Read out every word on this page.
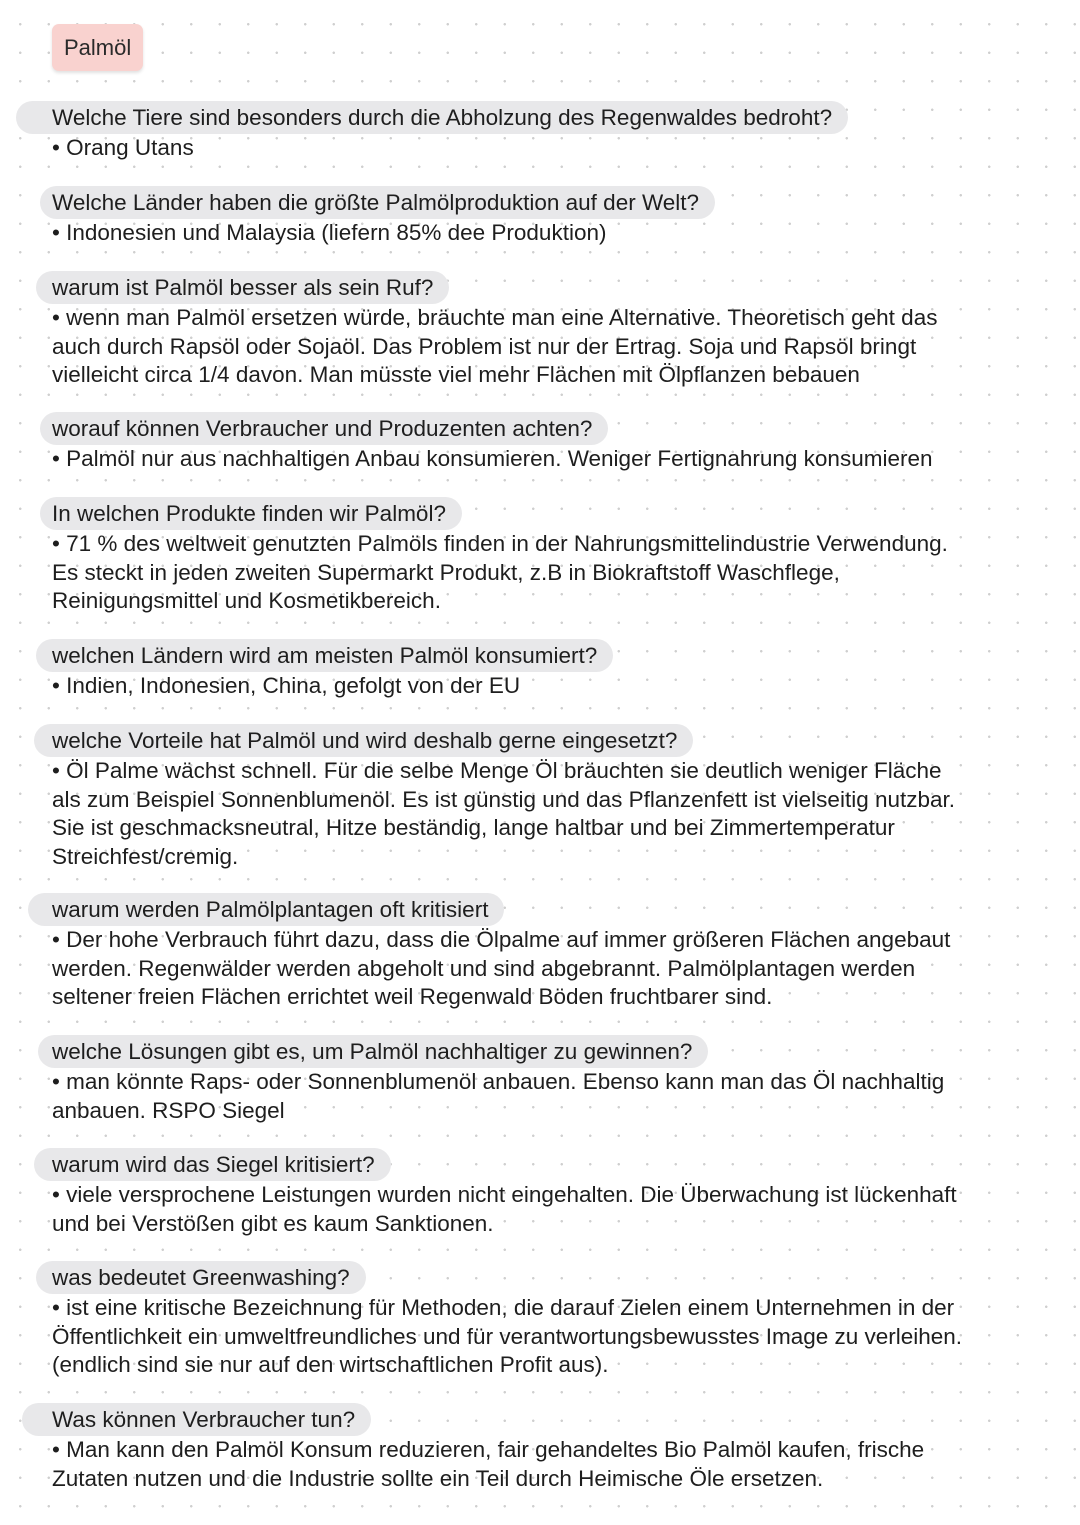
Palmöl
Welche Tiere sind besonders durch die Abholzung des Regenwaldes bedroht?
• Orang Utans
Welche Länder haben die größte Palmölproduktion auf der Welt?
• Indonesien und Malaysia (liefern 85% dee Produktion)
warum ist Palmöl besser als sein Ruf?
• wenn man Palmöl ersetzen würde, bräuchte man eine Alternative. Theoretisch geht das
auch durch Rapsöl oder Sojaöl. Das Problem ist nur der Ertrag. Soja und Rapsöl bringt
vielleicht circa 1/4 davon. Man müsste viel mehr Flächen mit Ölpflanzen bebauen
worauf können Verbraucher und Produzenten achten?
• Palmöl nur aus nachhaltigen Anbau konsumieren. Weniger Fertignahrung konsumieren
In welchen Produkte finden wir Palmöl?
• 71 % des weltweit genutzten Palmöls finden in der Nahrungsmittelindustrie Verwendung.
Es steckt in jeden zweiten Supermarkt Produkt, z.B in Biokraftstoff Waschflege,
Reinigungsmittel und Kosmetikbereich.
welchen Ländern wird am meisten Palmöl konsumiert?
• Indien, Indonesien, China, gefolgt von der EU
welche Vorteile hat Palmöl und wird deshalb gerne eingesetzt?
• Öl Palme wächst schnell. Für die selbe Menge Öl bräuchten sie deutlich weniger Fläche
als zum Beispiel Sonnenblumenöl. Es ist günstig und das Pflanzenfett ist vielseitig nutzbar.
Sie ist geschmacksneutral, Hitze beständig, lange haltbar und bei Zimmertemperatur
Streichfest/cremig.
warum werden Palmölplantagen oft kritisiert
• Der hohe Verbrauch führt dazu, dass die Ölpalme auf immer größeren Flächen angebaut
werden. Regenwälder werden abgeholt und sind abgebrannt. Palmölplantagen werden
seltener freien Flächen errichtet weil Regenwald Böden fruchtbarer sind.
welche Lösungen gibt es, um Palmöl nachhaltiger zu gewinnen?
• man könnte Raps- oder Sonnenblumenöl anbauen. Ebenso kann man das Öl nachhaltig
anbauen. RSPO Siegel
warum wird das Siegel kritisiert?
• viele versprochene Leistungen wurden nicht eingehalten. Die Überwachung ist lückenhaft
und bei Verstößen gibt es kaum Sanktionen.
was bedeutet Greenwashing?
• ist eine kritische Bezeichnung für Methoden, die darauf Zielen einem Unternehmen in der
Öffentlichkeit ein umweltfreundliches und für verantwortungsbewusstes Image zu verleihen.
(endlich sind sie nur auf den wirtschaftlichen Profit aus).
Was können Verbraucher tun?
• Man kann den Palmöl Konsum reduzieren, fair gehandeltes Bio Palmöl kaufen, frische
Zutaten nutzen und die Industrie sollte ein Teil durch Heimische Öle ersetzen.
